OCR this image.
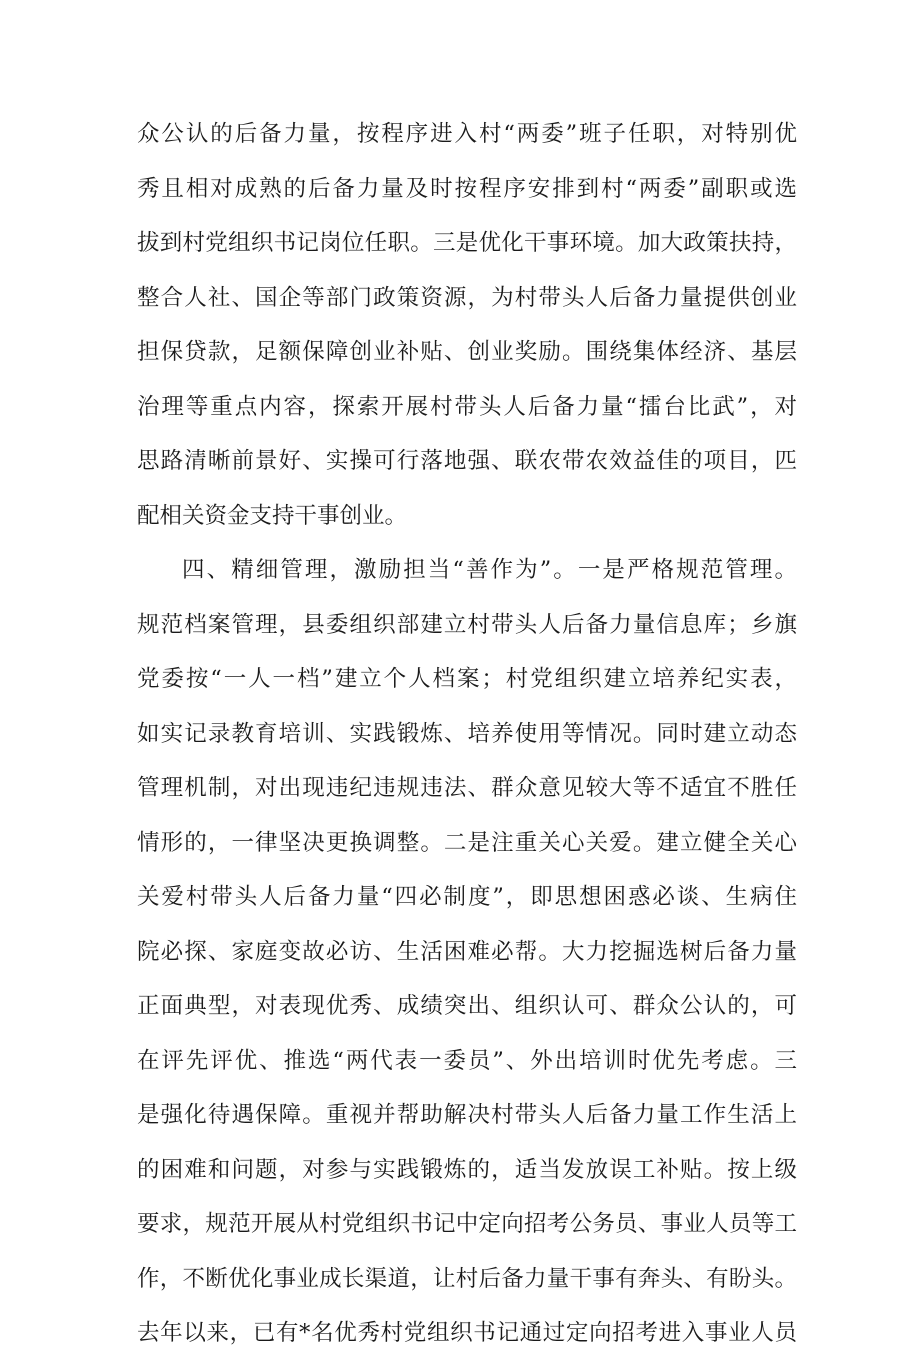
众公认的后备力量，按程序进入村“两委”班子任职，对特别优
秀且相对成熟的后备力量及时按程序安排到村“两委”副职或选
拔到村党组织书记岗位任职。三是优化干事环境。加大政策扶持，
整合人社、国企等部门政策资源，为村带头人后备力量提供创业
担保贷款，足额保障创业补贴、创业奖励。围绕集体经济、基层
治理等重点内容，探索开展村带头人后备力量“擂台比武”，对
思路清晰前景好、实操可行落地强、联农带农效益佳的项目，匹
配相关资金支持干事创业。
四、精细管理，激励担当“善作为”。一是严格规范管理。
规范档案管理，县委组织部建立村带头人后备力量信息库；乡旗
党委按“一人一档”建立个人档案；村党组织建立培养纪实表，
如实记录教育培训、实践锻炼、培养使用等情况。同时建立动态
管理机制，对出现违纪违规违法、群众意见较大等不适宜不胜任
情形的，一律坚决更换调整。二是注重关心关爱。建立健全关心
关爱村带头人后备力量“四必制度”，即思想困惑必谈、生病住
院必探、家庭变故必访、生活困难必帮。大力挖掘选树后备力量
正面典型，对表现优秀、成绩突出、组织认可、群众公认的，可
在评先评优、推选“两代表一委员”、外出培训时优先考虑。三
是强化待遇保障。重视并帮助解决村带头人后备力量工作生活上
的困难和问题，对参与实践锻炼的，适当发放误工补贴。按上级
要求，规范开展从村党组织书记中定向招考公务员、事业人员等工
作，不断优化事业成长渠道，让村后备力量干事有奔头、有盼头。
去年以来，已有*名优秀村党组织书记通过定向招考进入事业人员
